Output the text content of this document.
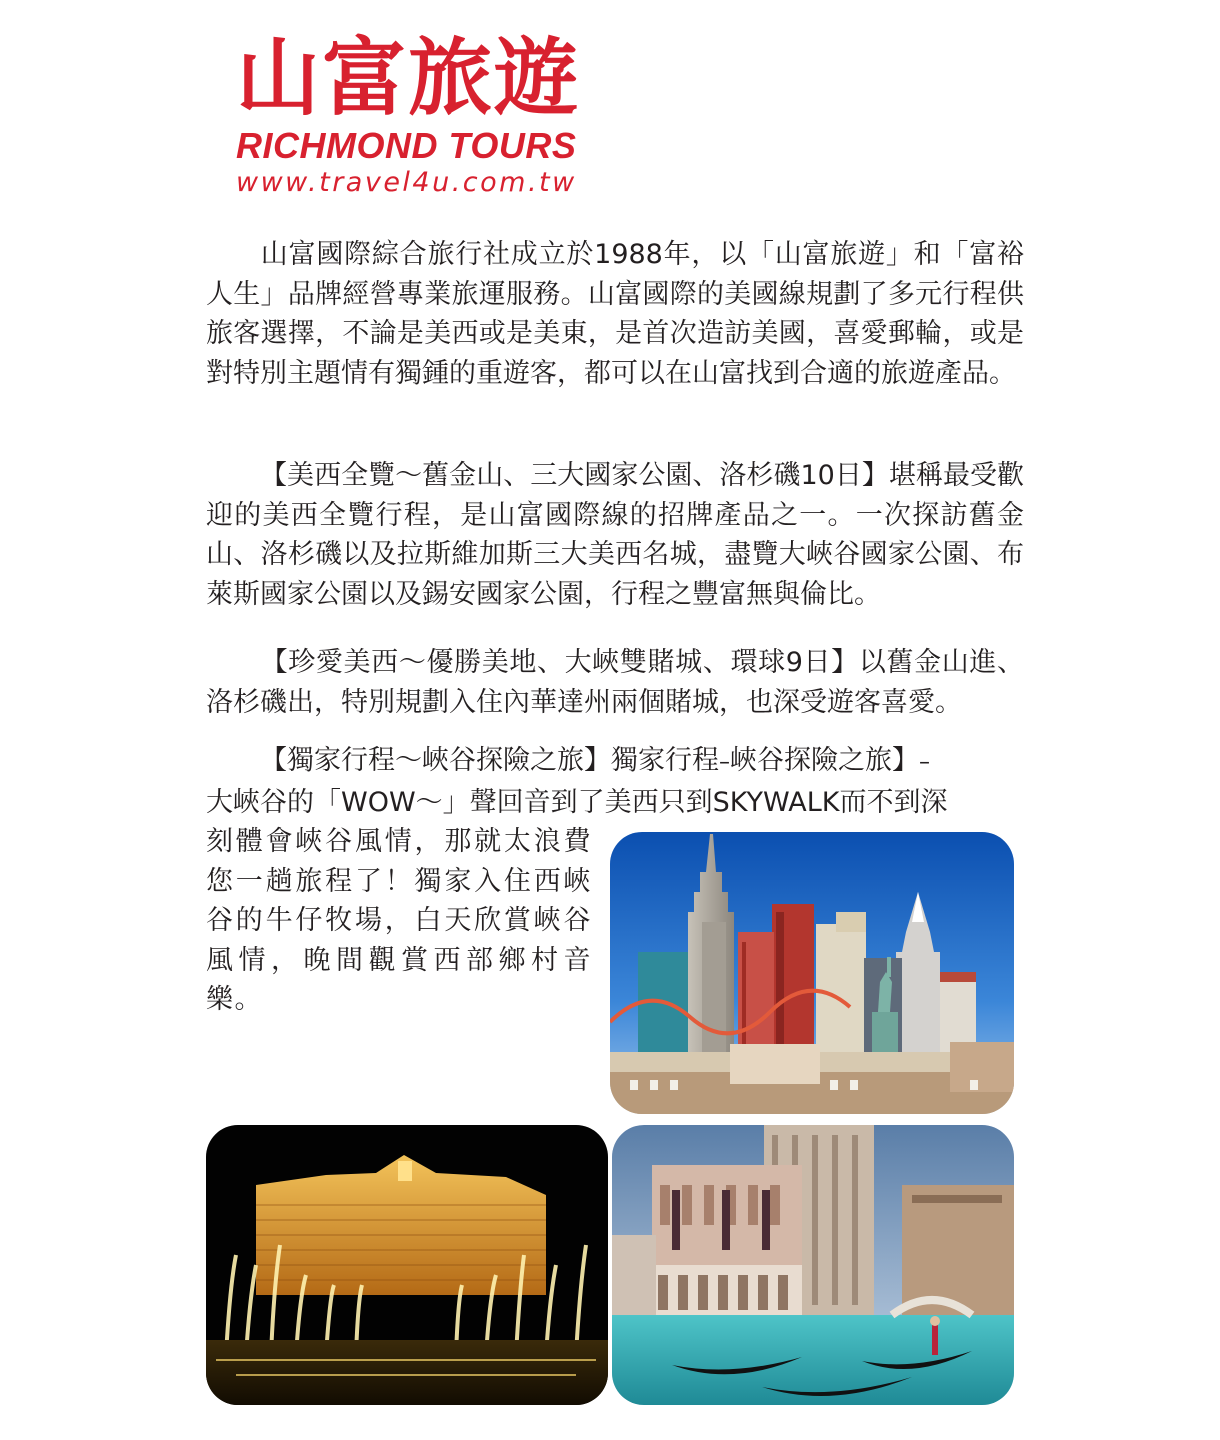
山富旅遊
RICHMOND TOURS
www.travel4u.com.tw
山富國際綜合旅行社成立於1988年，以「山富旅遊」和「富裕人生」品牌經營專業旅運服務。山富國際的美國線規劃了多元行程供旅客選擇，不論是美西或是美東，是首次造訪美國，喜愛郵輪，或是對特別主題情有獨鍾的重遊客，都可以在山富找到合適的旅遊產品。
【美西全覽～舊金山、三大國家公園、洛杉磯10日】堪稱最受歡迎的美西全覽行程，是山富國際線的招牌產品之一。一次探訪舊金山、洛杉磯以及拉斯維加斯三大美西名城，盡覽大峽谷國家公園、布萊斯國家公園以及錫安國家公園，行程之豐富無與倫比。
【珍愛美西～優勝美地、大峽雙賭城、環球9日】以舊金山進、洛杉磯出，特別規劃入住內華達州兩個賭城，也深受遊客喜愛。
【獨家行程～峽谷探險之旅】獨家行程–峽谷探險之旅】–
大峽谷的「WOW～」聲回音到了美西只到SKYWALK而不到深
刻體會峽谷風情，那就太浪費您一趟旅程了！獨家入住西峽谷的牛仔牧場，白天欣賞峽谷風情，晚間觀賞西部鄉村音樂。
